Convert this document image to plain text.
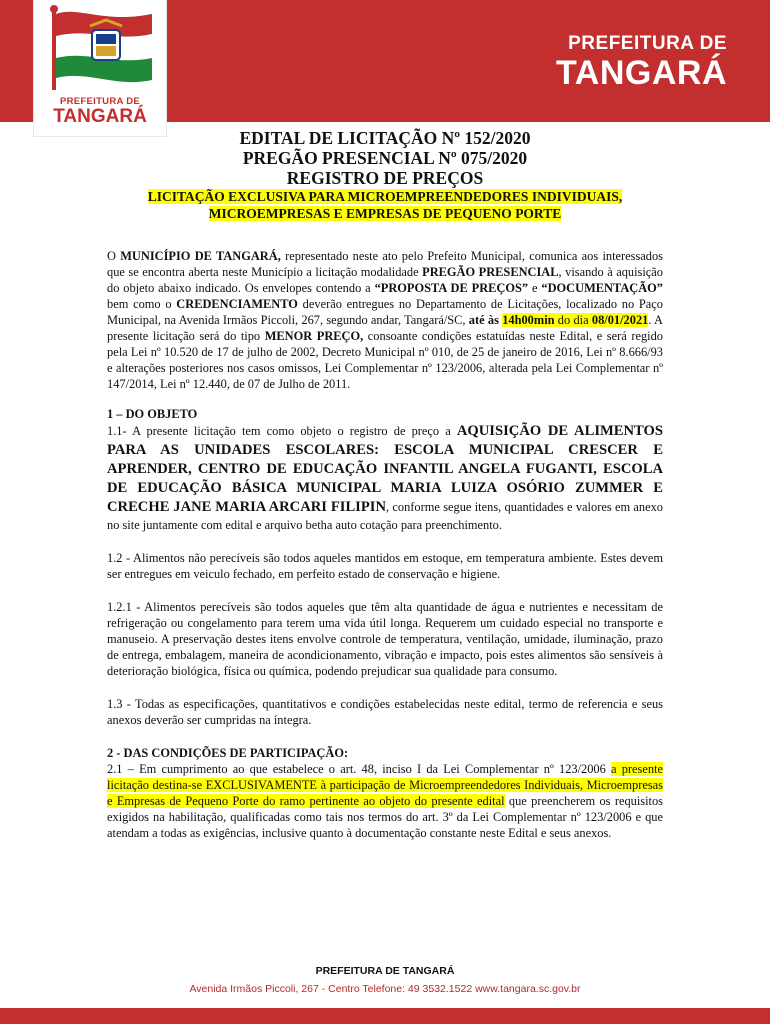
PREFEITURA DE
TANGARÁ
PREFEITURA DE
TANGARÁ
EDITAL DE LICITAÇÃO Nº 152/2020
PREGÃO PRESENCIAL Nº 075/2020
REGISTRO DE PREÇOS
LICITAÇÃO EXCLUSIVA PARA MICROEMPREENDEDORES INDIVIDUAIS,
MICROEMPRESAS E EMPRESAS DE PEQUENO PORTE

O MUNICÍPIO DE TANGARÁ, representado neste ato pelo Prefeito Municipal, comunica aos interessados que se encontra aberta neste Município a licitação modalidade PREGÃO PRESENCIAL, visando à aquisição do objeto abaixo indicado. Os envelopes contendo a “PROPOSTA DE PREÇOS” e “DOCUMENTAÇÃO” bem como o CREDENCIAMENTO deverão entregues no Departamento de Licitações, localizado no Paço Municipal, na Avenida Irmãos Piccoli, 267, segundo andar, Tangará/SC, até às 14h00min do dia 08/01/2021. A presente licitação será do tipo MENOR PREÇO, consoante condições estatuídas neste Edital, e será regido pela Lei nº 10.520 de 17 de julho de 2002, Decreto Municipal nº 010, de 25 de janeiro de 2016, Lei nº 8.666/93 e alterações posteriores nos casos omissos, Lei Complementar nº 123/2006, alterada pela Lei Complementar nº 147/2014, Lei nº 12.440, de 07 de Julho de 2011.

1 – DO OBJETO

1.1- A presente licitação tem como objeto o registro de preço a AQUISIÇÃO DE ALIMENTOS PARA AS UNIDADES ESCOLARES: ESCOLA MUNICIPAL CRESCER E APRENDER, CENTRO DE EDUCAÇÃO INFANTIL ANGELA FUGANTI, ESCOLA DE EDUCAÇÃO BÁSICA MUNICIPAL MARIA LUIZA OSÓRIO ZUMMER E CRECHE JANE MARIA ARCARI FILIPIN, conforme segue itens, quantidades e valores em anexo no site juntamente com edital e arquivo betha auto cotação para preenchimento.

1.2 - Alimentos não perecíveis são todos aqueles mantidos em estoque, em temperatura ambiente. Estes devem ser entregues em veiculo fechado, em perfeito estado de conservação e higiene.

1.2.1 - Alimentos perecíveis são todos aqueles que têm alta quantidade de água e nutrientes e necessitam de refrigeração ou congelamento para terem uma vida útil longa. Requerem um cuidado especial no transporte e manuseio. A preservação destes itens envolve controle de temperatura, ventilação, umidade, iluminação, prazo de entrega, embalagem, maneira de acondicionamento, vibração e impacto, pois estes alimentos são sensíveis à deterioração biológica, física ou química, podendo prejudicar sua qualidade para consumo.

1.3 - Todas as especificações, quantitativos e condições estabelecidas neste edital, termo de referencia e seus anexos deverão ser cumpridas na íntegra.

2 - DAS CONDIÇÕES DE PARTICIPAÇÃO:

2.1 – Em cumprimento ao que estabelece o art. 48, inciso I da Lei Complementar nº 123/2006 a presente licitação destina-se EXCLUSIVAMENTE à participação de Microempreendedores Individuais, Microempresas e Empresas de Pequeno Porte do ramo pertinente ao objeto do presente edital que preencherem os requisitos exigidos na habilitação, qualificadas como tais nos termos do art. 3º da Lei Complementar nº 123/2006 e que atendam a todas as exigências, inclusive quanto à documentação constante neste Edital e seus anexos.

PREFEITURA DE TANGARÁ
Avenida Irmãos Piccoli, 267 - Centro Telefone: 49 3532.1522 www.tangara.sc.gov.br
